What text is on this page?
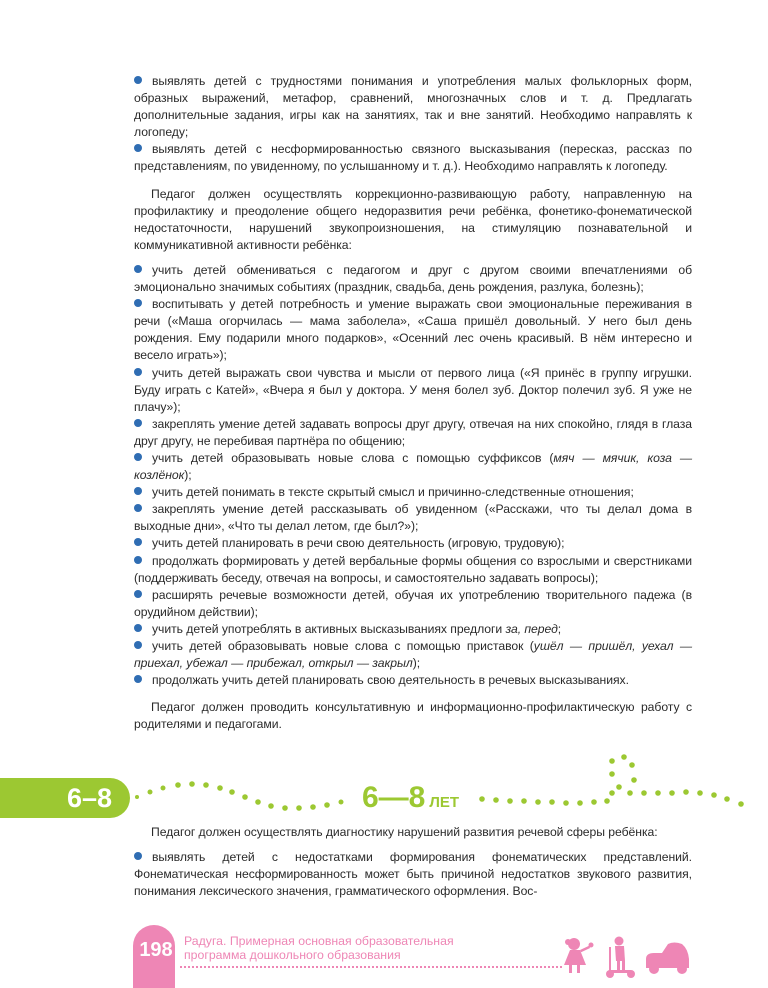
выявлять детей с трудностями понимания и употребления малых фольклорных форм, образных выражений, метафор, сравнений, многозначных слов и т. д. Предлагать дополнительные задания, игры как на занятиях, так и вне занятий. Необходимо направлять к логопеду;

выявлять детей с несформированностью связного высказывания (пересказ, рассказ по представлениям, по увиденному, по услышанному и т. д.). Необходимо направлять к логопеду.

Педагог должен осуществлять коррекционно-развивающую работу, направленную на профилактику и преодоление общего недоразвития речи ребёнка, фонетико-фонематической недостаточности, нарушений звукопроизношения, на стимуляцию познавательной и коммуникативной активности ребёнка:

учить детей обмениваться с педагогом и друг с другом своими впечатлениями об эмоционально значимых событиях (праздник, свадьба, день рождения, разлука, болезнь);

воспитывать у детей потребность и умение выражать свои эмоциональные переживания в речи («Маша огорчилась — мама заболела», «Саша пришёл довольный. У него был день рождения. Ему подарили много подарков», «Осенний лес очень красивый. В нём интересно и весело играть»);

учить детей выражать свои чувства и мысли от первого лица («Я принёс в группу игрушки. Буду играть с Катей», «Вчера я был у доктора. У меня болел зуб. Доктор полечил зуб. Я уже не плачу»);

закреплять умение детей задавать вопросы друг другу, отвечая на них спокойно, глядя в глаза друг другу, не перебивая партнёра по общению;

учить детей образовывать новые слова с помощью суффиксов (мяч — мячик, коза — козлёнок);

учить детей понимать в тексте скрытый смысл и причинно-следственные отношения;

закреплять умение детей рассказывать об увиденном («Расскажи, что ты делал дома в выходные дни», «Что ты делал летом, где был?»);

учить детей планировать в речи свою деятельность (игровую, трудовую);

продолжать формировать у детей вербальные формы общения со взрослыми и сверстниками (поддерживать беседу, отвечая на вопросы, и самостоятельно задавать вопросы);

расширять речевые возможности детей, обучая их употреблению творительного падежа (в орудийном действии);

учить детей употреблять в активных высказываниях предлоги за, перед;

учить детей образовывать новые слова с помощью приставок (ушёл — пришёл, уехал — приехал, убежал — прибежал, открыл — закрыл);

продолжать учить детей планировать свою деятельность в речевых высказываниях.

Педагог должен проводить консультативную и информационно-профилактическую работу с родителями и педагогами.

6–8	6—8 ЛЕТ

Педагог должен осуществлять диагностику нарушений развития речевой сферы ребёнка:

выявлять детей с недостатками формирования фонематических представлений. Фонематическая несформированность может быть причиной недостатков звукового развития, понимания лексического значения, грамматического оформления. Вос-

198 Радуга. Примерная основная образовательная
программа дошкольного образования
